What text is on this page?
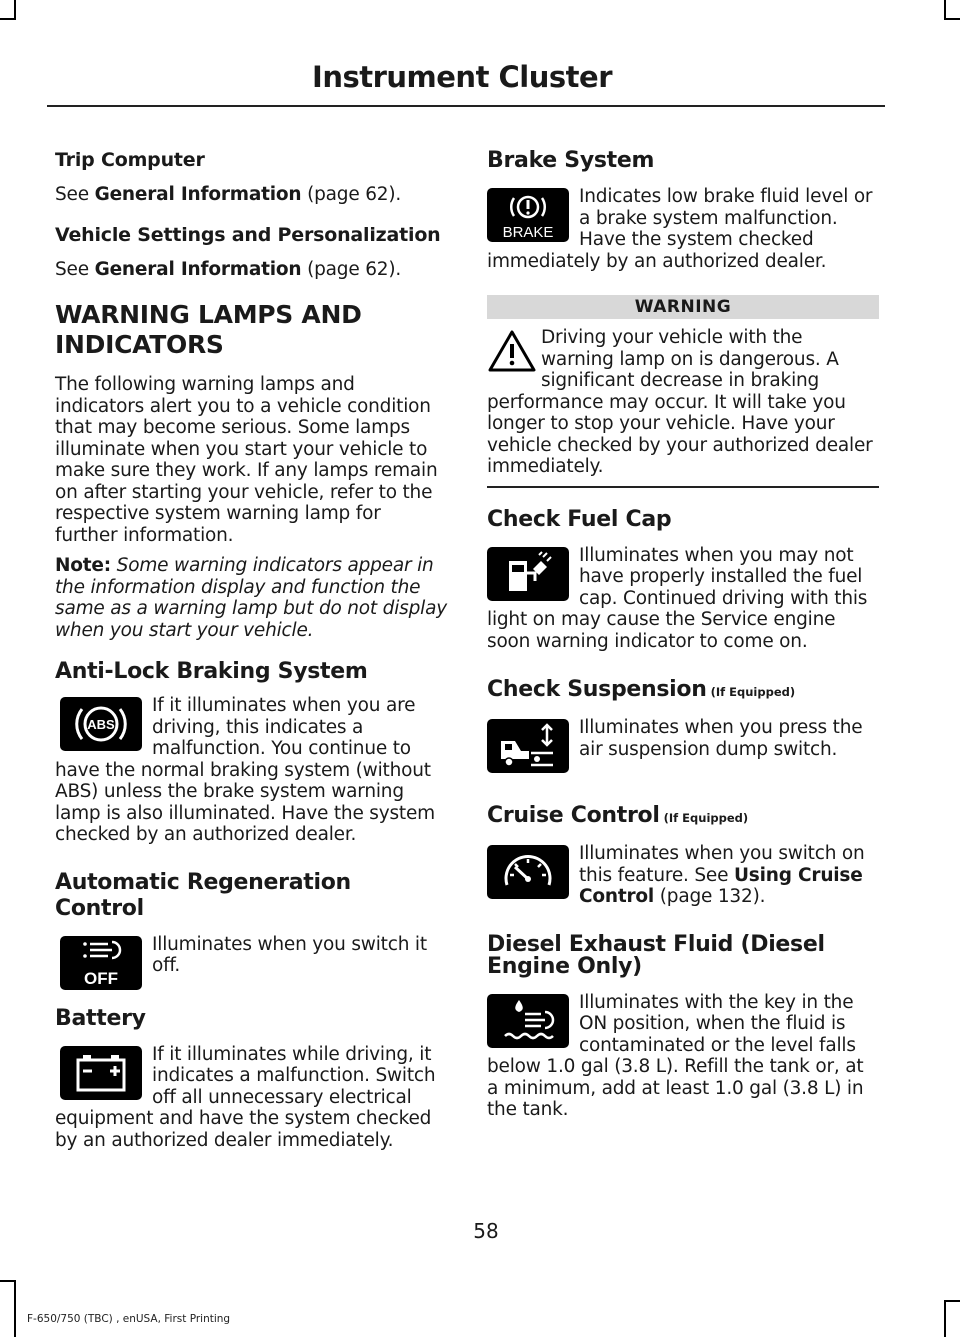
Instrument Cluster
Trip Computer
See General Information (page 62).
Vehicle Settings and Personalization
See General Information (page 62).
WARNING LAMPS AND
INDICATORS
The following warning lamps and indicators alert you to a vehicle condition that may become serious. Some lamps illuminate when you start your vehicle to make sure they work. If any lamps remain on after starting your vehicle, refer to the respective system warning lamp for further information.
Note: Some warning indicators appear in the information display and function the same as a warning lamp but do not display when you start your vehicle.
Anti-Lock Braking System
ABS
If it illuminates when you are driving, this indicates a malfunction. You continue to have the normal braking system (without ABS) unless the brake system warning lamp is also illuminated. Have the system checked by an authorized dealer.
Automatic Regeneration Control
OFF
Illuminates when you switch it off.
Battery
If it illuminates while driving, it indicates a malfunction. Switch off all unnecessary electrical equipment and have the system checked by an authorized dealer immediately.
Brake System
BRAKE
Indicates low brake fluid level or a brake system malfunction. Have the system checked immediately by an authorized dealer.
WARNING
Driving your vehicle with the warning lamp on is dangerous. A significant decrease in braking performance may occur. It will take you longer to stop your vehicle. Have your vehicle checked by your authorized dealer immediately.
Check Fuel Cap
Illuminates when you may not have properly installed the fuel cap. Continued driving with this light on may cause the Service engine soon warning indicator to come on.
Check Suspension (If Equipped)
Illuminates when you press the air suspension dump switch.
Cruise Control (If Equipped)
Illuminates when you switch on this feature. See Using Cruise Control (page 132).
Diesel Exhaust Fluid (Diesel
Engine Only)
Illuminates with the key in the ON position, when the fluid is contaminated or the level falls below 1.0 gal (3.8 L). Refill the tank or, at a minimum, add at least 1.0 gal (3.8 L) in the tank.
58
F-650/750 (TBC) , enUSA, First Printing
